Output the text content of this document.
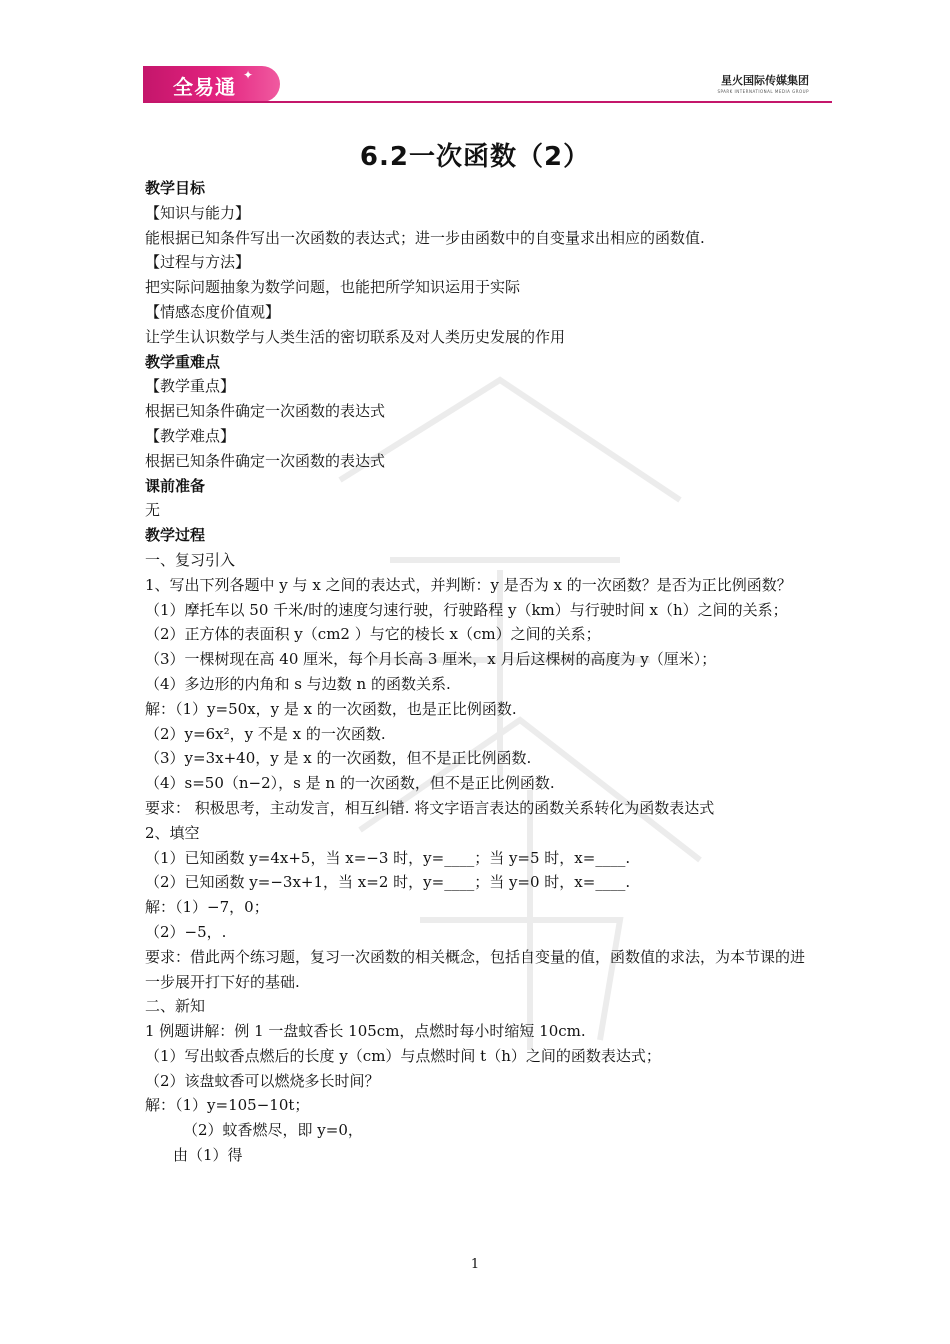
全易通 ✦	星火国际传媒集团
SPARK INTERNATIONAL MEDIA GROUP
6.2一次函数（2）

教学目标

【知识与能力】

能根据已知条件写出一次函数的表达式；进一步由函数中的自变量求出相应的函数值.

【过程与方法】

把实际问题抽象为数学问题，也能把所学知识运用于实际

【情感态度价值观】

让学生认识数学与人类生活的密切联系及对人类历史发展的作用

教学重难点

【教学重点】

根据已知条件确定一次函数的表达式

【教学难点】

根据已知条件确定一次函数的表达式

课前准备

无

教学过程

一、复习引入

1、写出下列各题中 y 与 x 之间的表达式，并判断：y 是否为 x 的一次函数？是否为正比例函数？

（1）摩托车以 50 千米/时的速度匀速行驶，行驶路程 y（km）与行驶时间 x（h）之间的关系；

（2）正方体的表面积 y（cm2 ）与它的棱长 x（cm）之间的关系；

（3）一棵树现在高 40 厘米，每个月长高 3 厘米，x 月后这棵树的高度为 y（厘米）；

（4）多边形的内角和 s 与边数 n 的函数关系.

解：（1）y=50x，y 是 x 的一次函数，也是正比例函数.

（2）y=6x²，y 不是 x 的一次函数.

（3）y=3x+40，y 是 x 的一次函数，但不是正比例函数.

（4）s=50（n−2），s 是 n 的一次函数，但不是正比例函数.

要求： 积极思考，主动发言，相互纠错. 将文字语言表达的函数关系转化为函数表达式

2、填空

（1）已知函数 y=4x+5，当 x=−3 时，y=____；当 y=5 时，x=____.

（2）已知函数 y=−3x+1，当 x=2 时，y=____；当 y=0 时，x=____.

解：（1）−7，0；

（2）−5，.

要求：借此两个练习题，复习一次函数的相关概念，包括自变量的值，函数值的求法，为本节课的进一步展开打下好的基础.

二、新知

1 例题讲解：例 1 一盘蚊香长 105cm，点燃时每小时缩短 10cm.

（1）写出蚊香点燃后的长度 y（cm）与点燃时间 t（h）之间的函数表达式；

（2）该盘蚊香可以燃烧多长时间？

解：（1）y=105−10t；

（2）蚊香燃尽，即 y=0，

由（1）得

1
